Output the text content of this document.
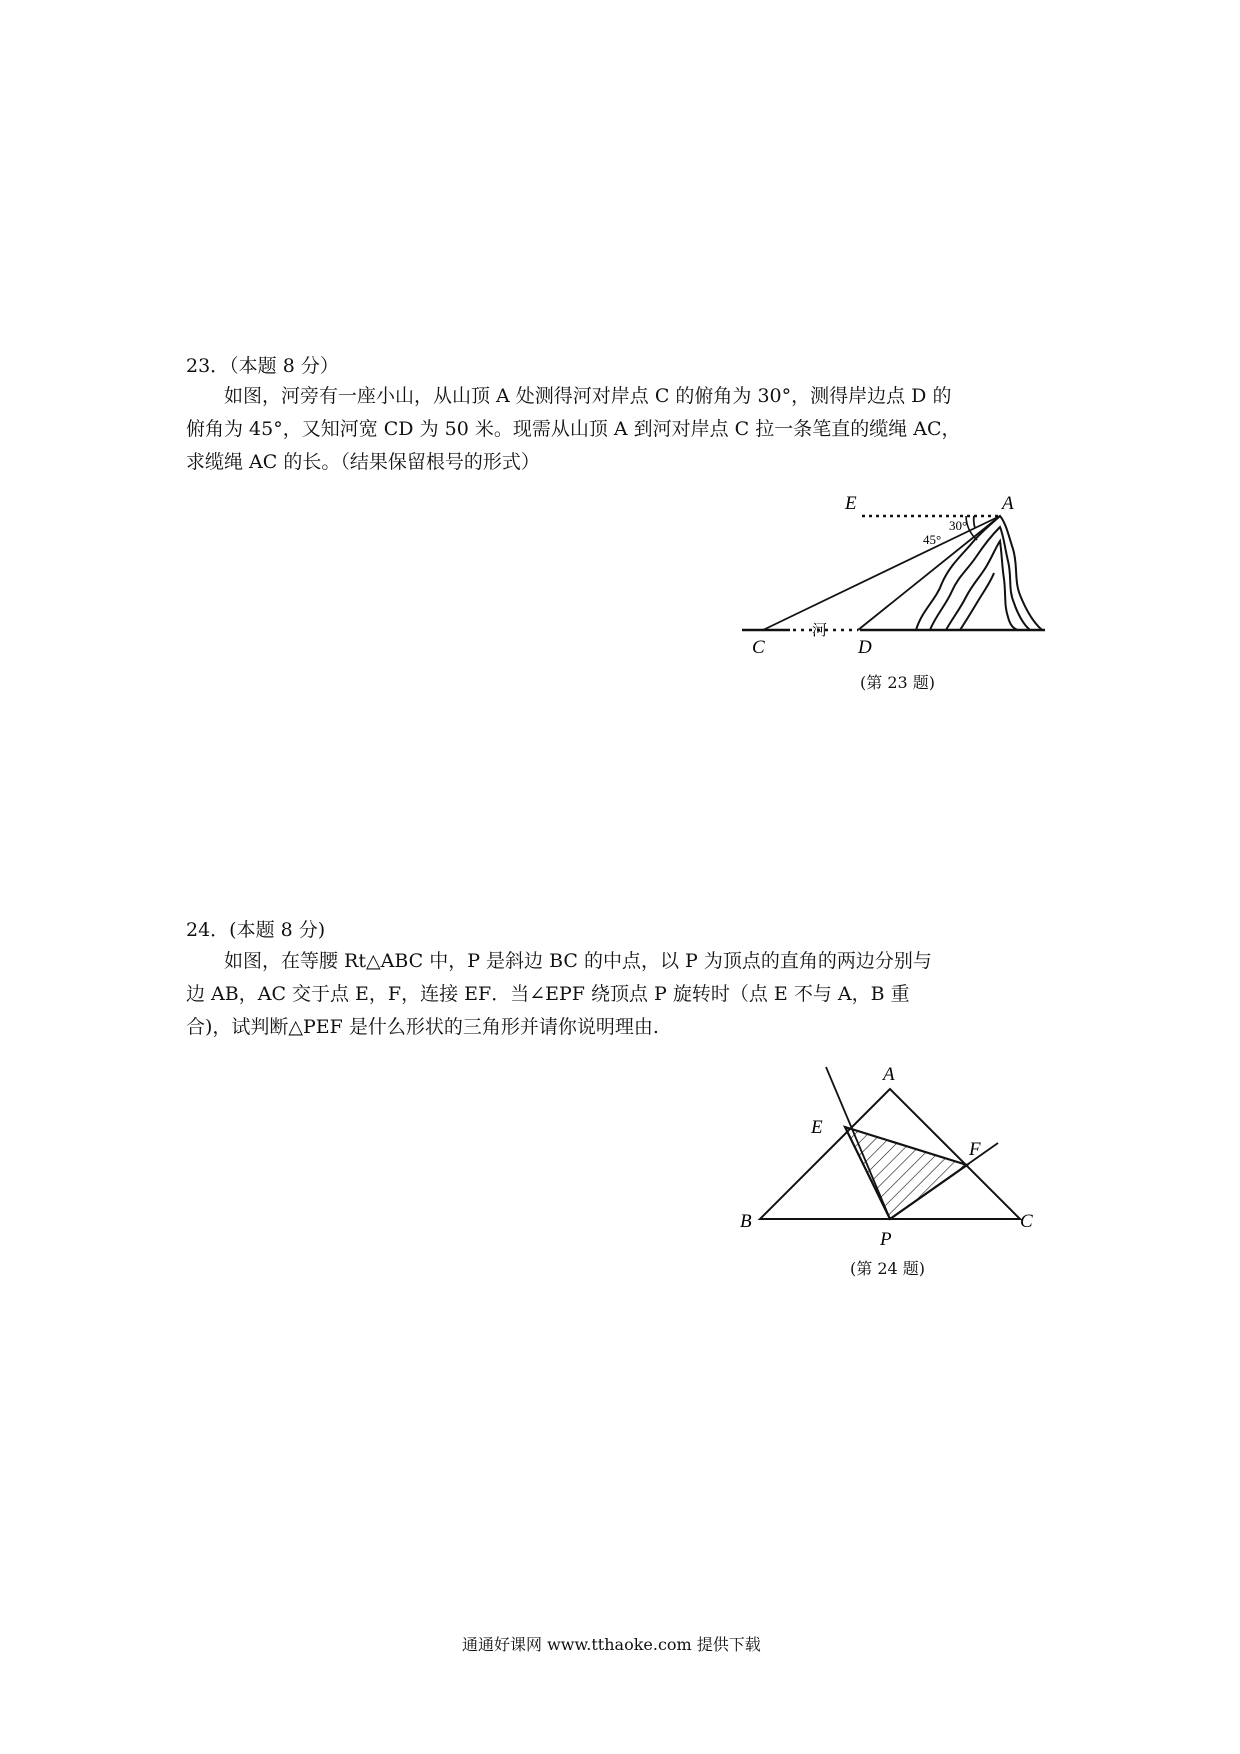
23．（本题 8 分）
如图，河旁有一座小山，从山顶 A 处测得河对岸点 C 的俯角为 30°，测得岸边点 D 的
俯角为 45°，又知河宽 CD 为 50 米。现需从山顶 A 到河对岸点 C 拉一条笔直的缆绳 AC，
求缆绳 AC 的长。（结果保留根号的形式）
E	A
30°
45°
河
C	D
(第 23 题)
24．(本题 8 分)
如图，在等腰 Rt△ABC 中，P 是斜边 BC 的中点，以 P 为顶点的直角的两边分别与
边 AB，AC 交于点 E，F，连接 EF．当∠EPF 绕顶点 P 旋转时（点 E 不与 A，B 重
合)，试判断△PEF 是什么形状的三角形并请你说明理由.
A
E
F
B	C
P
(第 24 题)
通通好课网 www.tthaoke.com 提供下载
